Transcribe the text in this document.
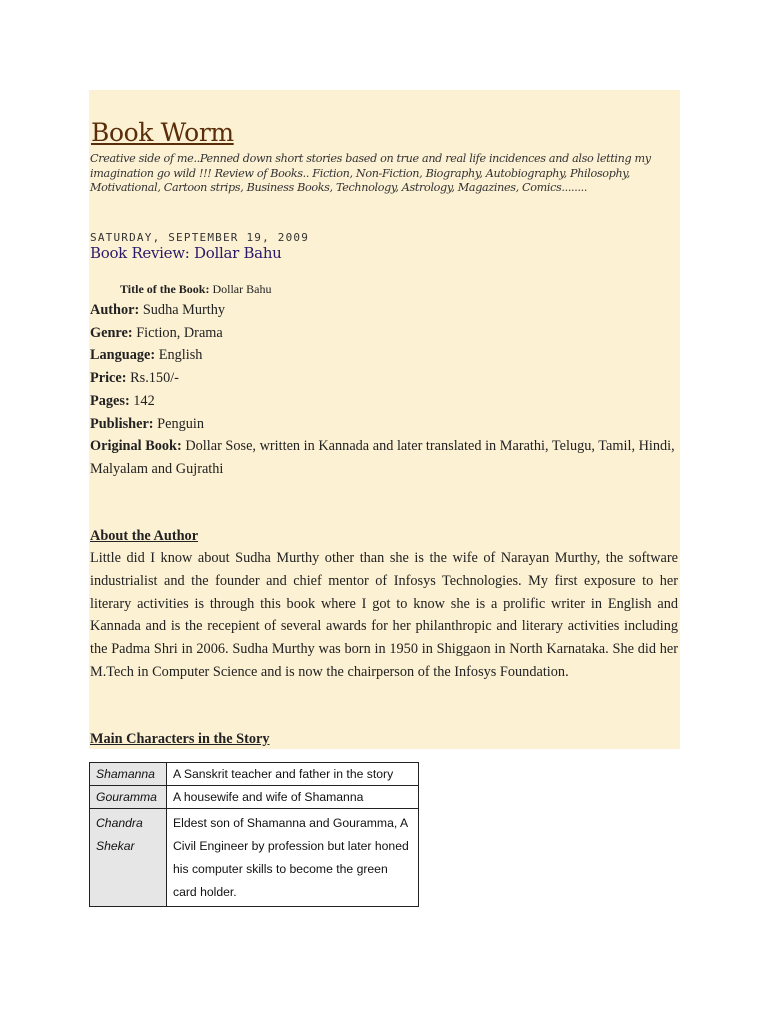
Book Worm

Creative side of me..Penned down short stories based on true and real life incidences and also letting my imagination go wild !!! Review of Books.. Fiction, Non-Fiction, Biography, Autobiography, Philosophy, Motivational, Cartoon strips, Business Books, Technology, Astrology, Magazines, Comics........

SATURDAY, SEPTEMBER 19, 2009
Book Review: Dollar Bahu
Title of the Book: Dollar Bahu

Author: Sudha Murthy

Genre: Fiction, Drama

Language: English

Price: Rs.150/-

Pages: 142

Publisher: Penguin

Original Book: Dollar Sose, written in Kannada and later translated in Marathi, Telugu, Tamil, Hindi, Malyalam and Gujrathi

About the Author

Little did I know about Sudha Murthy other than she is the wife of Narayan Murthy, the software industrialist and the founder and chief mentor of Infosys Technologies. My first exposure to her literary activities is through this book where I got to know she is a prolific writer in English and Kannada and is the recepient of several awards for her philanthropic and literary activities including the Padma Shri in 2006. Sudha Murthy was born in 1950 in Shiggaon in North Karnataka. She did her M.Tech in Computer Science and is now the chairperson of the Infosys Foundation.

Main Characters in the Story
Shamanna	A Sanskrit teacher and father in the story
Gouramma	A housewife and wife of Shamanna
Chandra Shekar	Eldest son of Shamanna and Gouramma, A Civil Engineer by profession but later honed his computer skills to become the green card holder.
